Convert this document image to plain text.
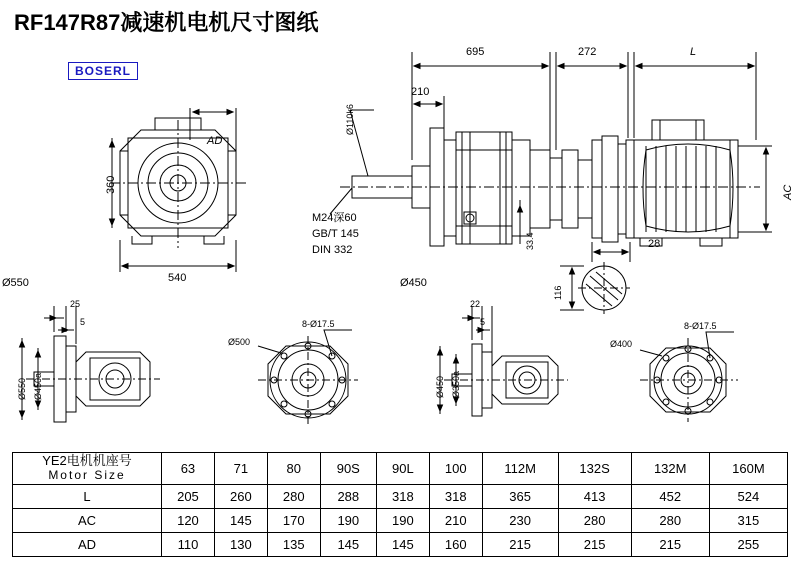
RF147R87减速机电机尺寸图纸
BOSERL
695	272	L
210
Ø110k6
33.4
AC
28
116
AD
360
540
Ø550	Ø450
25
5
Ø550 Ø450a
8-Ø17.5
Ø500
22
5
Ø450 Ø350a
8-Ø17.5
Ø400
M24深60
GB/T 145
DIN 332
YE2电机机座号
Motor Size	63	71	80	90S	90L	100	112M	132S	132M	160M
L	205	260	280	288	318	318	365	413	452	524
AC	120	145	170	190	190	210	230	280	280	315
AD	110	130	135	145	145	160	215	215	215	255
